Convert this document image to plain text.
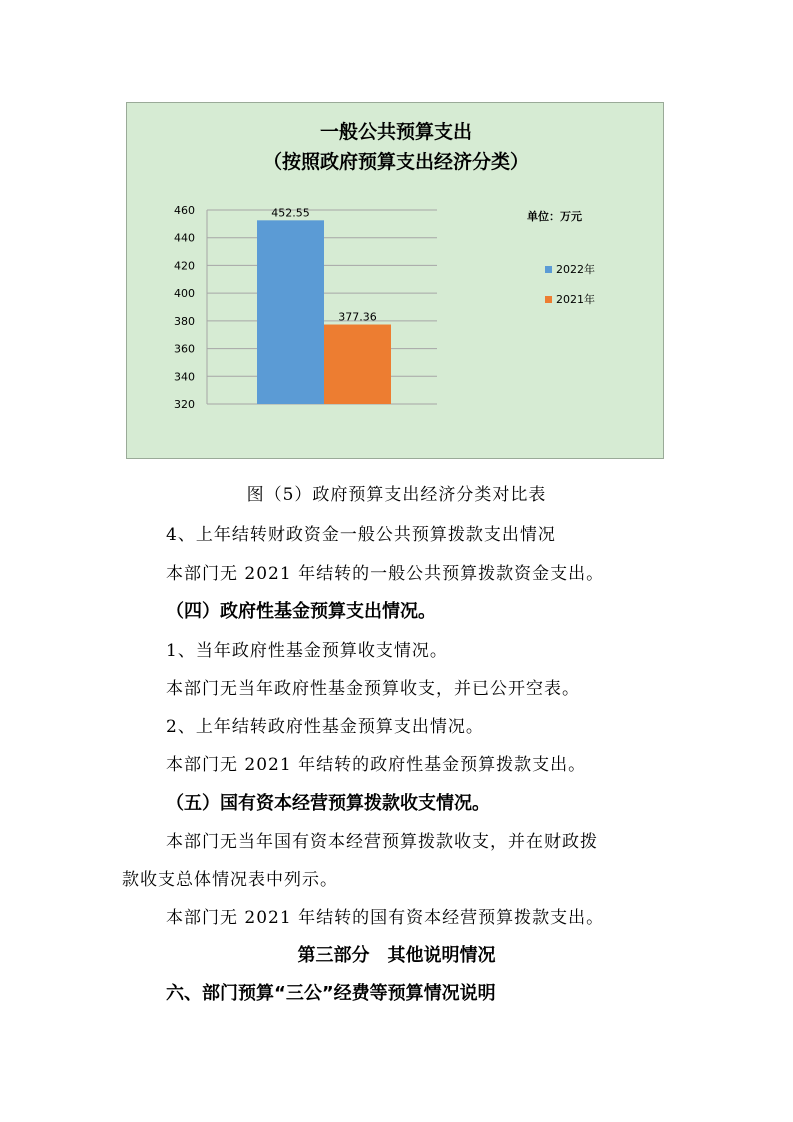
一般公共预算支出
（按照政府预算支出经济分类）
320
340
360
380
400
420
440
460	452.55
377.36
单位：万元
2022年
2021年
图（5）政府预算支出经济分类对比表
4、上年结转财政资金一般公共预算拨款支出情况
本部门无 2021 年结转的一般公共预算拨款资金支出。
（四）政府性基金预算支出情况。
1、当年政府性基金预算收支情况。
本部门无当年政府性基金预算收支，并已公开空表。
2、上年结转政府性基金预算支出情况。
本部门无 2021 年结转的政府性基金预算拨款支出。
（五）国有资本经营预算拨款收支情况。
本部门无当年国有资本经营预算拨款收支，并在财政拨
款收支总体情况表中列示。
本部门无 2021 年结转的国有资本经营预算拨款支出。
第三部分　其他说明情况
六、部门预算“三公”经费等预算情况说明
